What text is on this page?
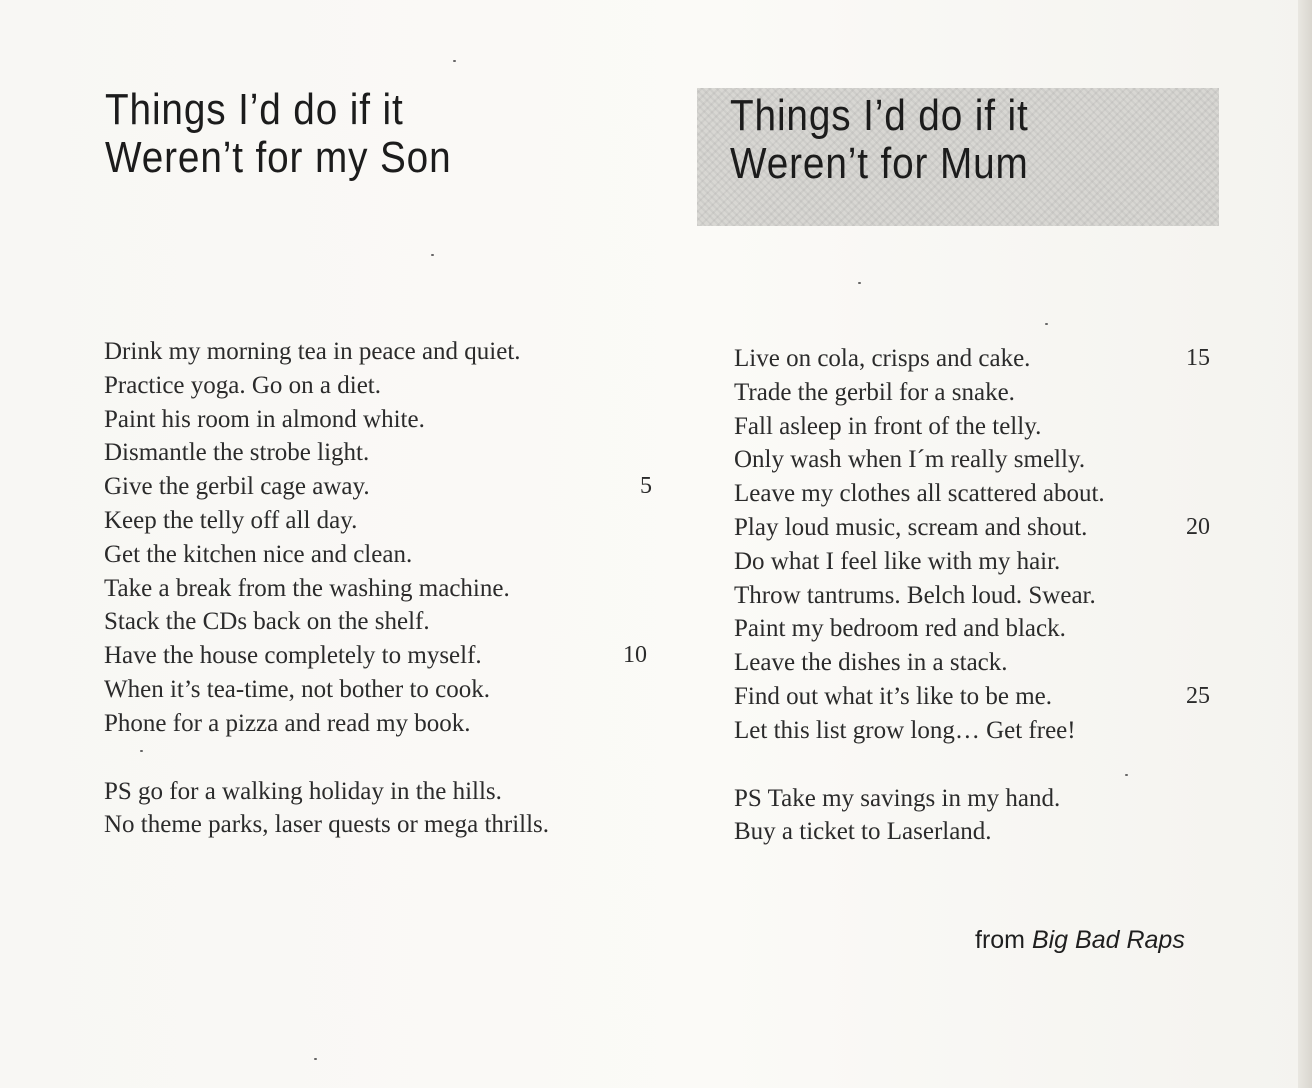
Things I’d do if it
Weren’t for my Son
Things I’d do if it
Weren’t for Mum
Drink my morning tea in peace and quiet.
Practice yoga. Go on a diet.
Paint his room in almond white.
Dismantle the strobe light.
Give the gerbil cage away.	5
Keep the telly off all day.
Get the kitchen nice and clean.
Take a break from the washing machine.
Stack the CDs back on the shelf.
Have the house completely to myself.	10
When it’s tea-time, not bother to cook.
Phone for a pizza and read my book.
PS go for a walking holiday in the hills.
No theme parks, laser quests or mega thrills.
Live on cola, crisps and cake.	15
Trade the gerbil for a snake.
Fall asleep in front of the telly.
Only wash when I´m really smelly.
Leave my clothes all scattered about.
Play loud music, scream and shout.	20
Do what I feel like with my hair.
Throw tantrums. Belch loud. Swear.
Paint my bedroom red and black.
Leave the dishes in a stack.
Find out what it’s like to be me.	25
Let this list grow long… Get free!
PS Take my savings in my hand.
Buy a ticket to Laserland.
from Big Bad Raps
